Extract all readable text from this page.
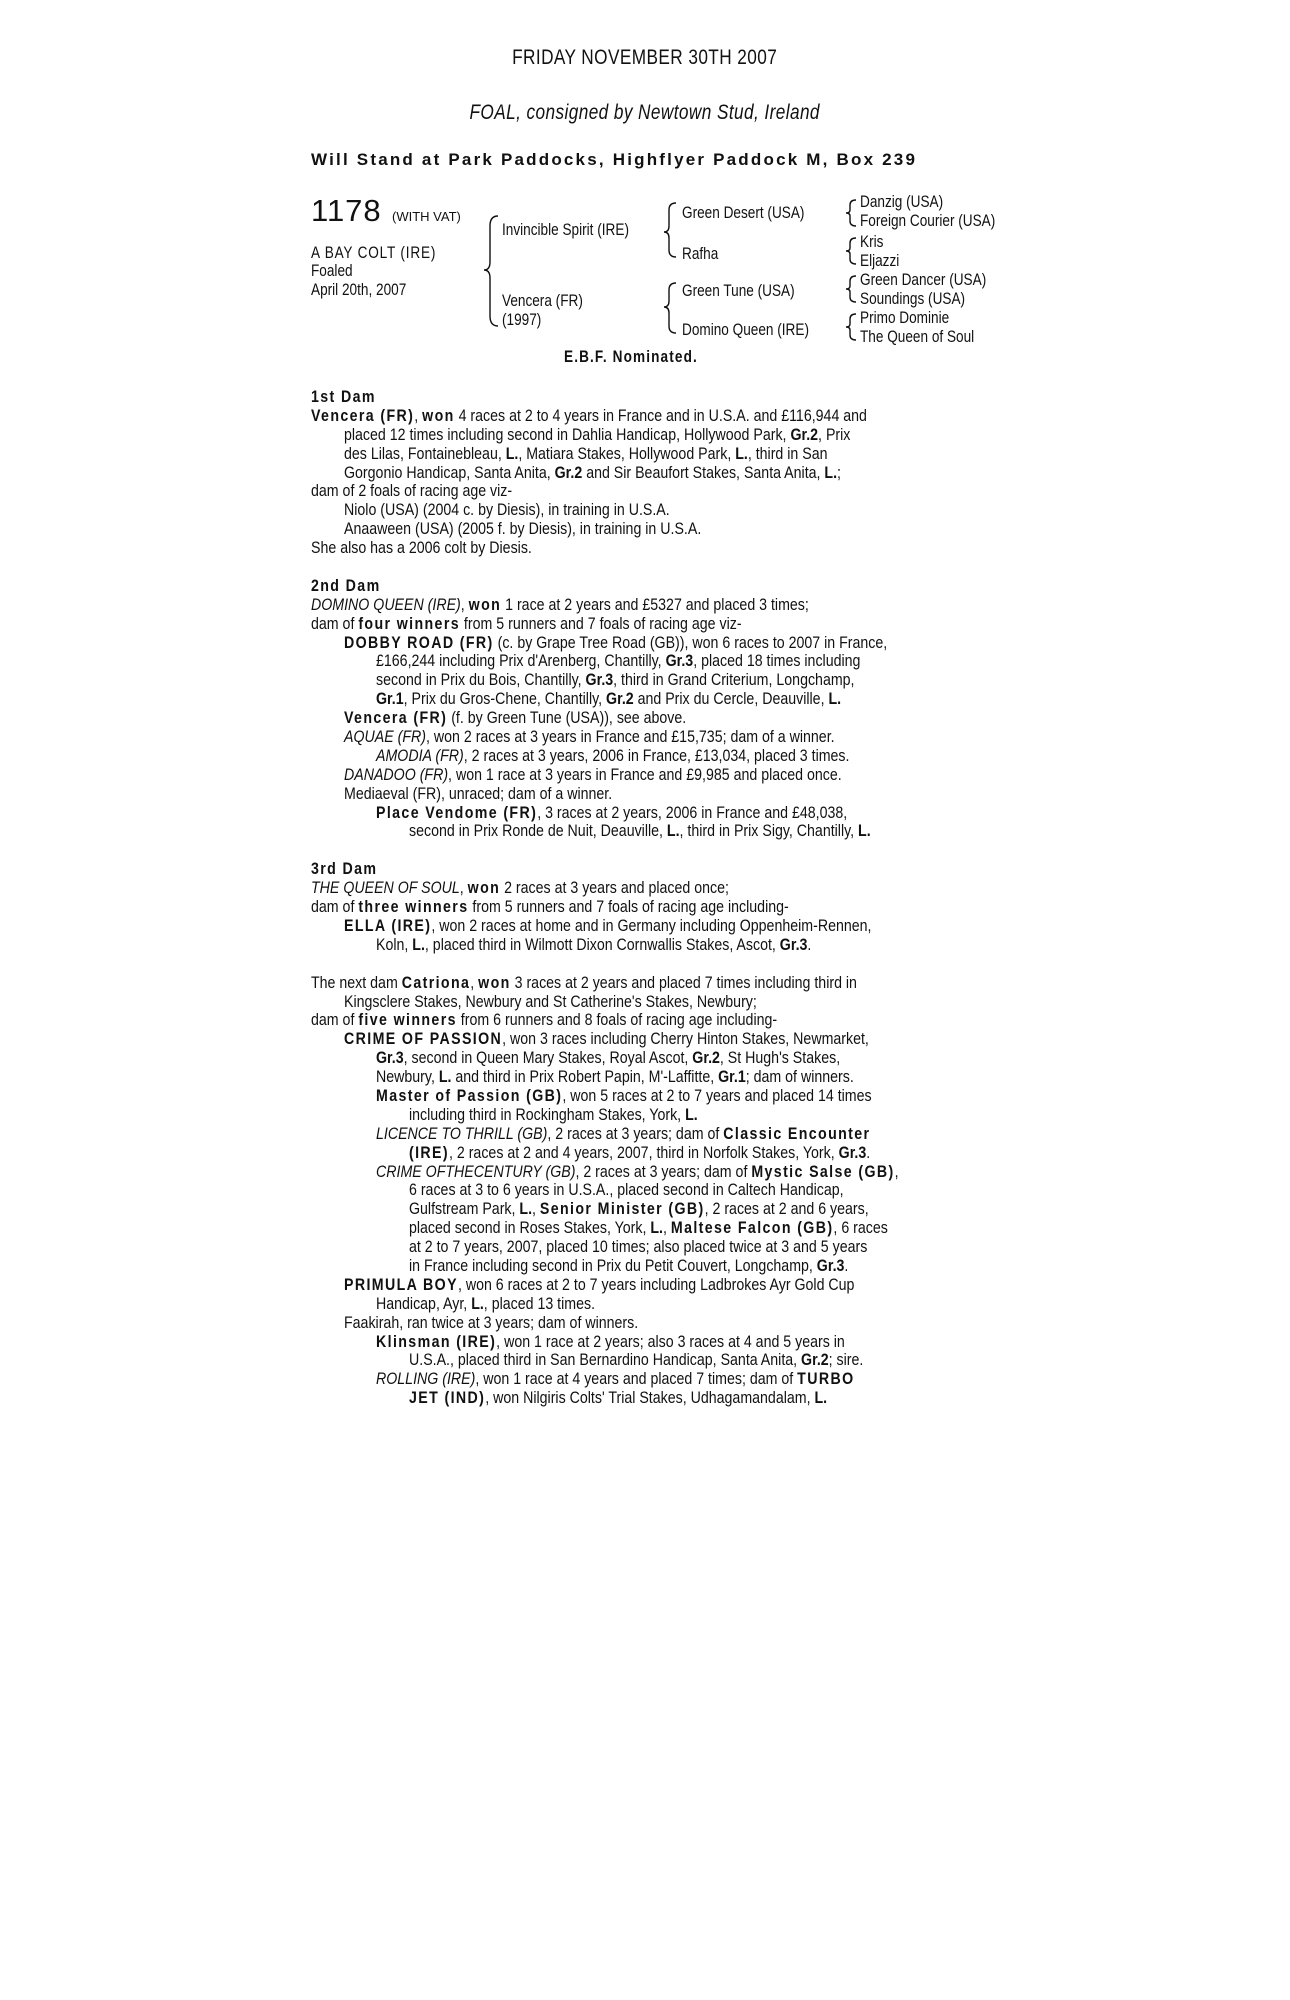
FRIDAY NOVEMBER 30TH 2007
FOAL, consigned by Newtown Stud, Ireland
Will Stand at Park Paddocks, Highflyer Paddock M, Box 239
1178 (WITH VAT)
A BAY COLT (IRE)
Foaled
April 20th, 2007
Invincible Spirit (IRE)
Vencera (FR)
(1997)
Green Desert (USA)
Rafha
Green Tune (USA)
Domino Queen (IRE)
Danzig (USA)
Foreign Courier (USA)
Kris
Eljazzi
Green Dancer (USA)
Soundings (USA)
Primo Dominie
The Queen of Soul
E.B.F. Nominated.
1st Dam
Vencera (FR), won 4 races at 2 to 4 years in France and in U.S.A. and £116,944 and
placed 12 times including second in Dahlia Handicap, Hollywood Park, Gr.2, Prix
des Lilas, Fontainebleau, L., Matiara Stakes, Hollywood Park, L., third in San
Gorgonio Handicap, Santa Anita, Gr.2 and Sir Beaufort Stakes, Santa Anita, L.;
dam of 2 foals of racing age viz-
Niolo (USA) (2004 c. by Diesis), in training in U.S.A.
Anaaween (USA) (2005 f. by Diesis), in training in U.S.A.
She also has a 2006 colt by Diesis.
2nd Dam
DOMINO QUEEN (IRE), won 1 race at 2 years and £5327 and placed 3 times;
dam of four winners from 5 runners and 7 foals of racing age viz-
DOBBY ROAD (FR) (c. by Grape Tree Road (GB)), won 6 races to 2007 in France,
£166,244 including Prix d'Arenberg, Chantilly, Gr.3, placed 18 times including
second in Prix du Bois, Chantilly, Gr.3, third in Grand Criterium, Longchamp,
Gr.1, Prix du Gros-Chene, Chantilly, Gr.2 and Prix du Cercle, Deauville, L.
Vencera (FR) (f. by Green Tune (USA)), see above.
AQUAE (FR), won 2 races at 3 years in France and £15,735; dam of a winner.
AMODIA (FR), 2 races at 3 years, 2006 in France, £13,034, placed 3 times.
DANADOO (FR), won 1 race at 3 years in France and £9,985 and placed once.
Mediaeval (FR), unraced; dam of a winner.
Place Vendome (FR), 3 races at 2 years, 2006 in France and £48,038,
second in Prix Ronde de Nuit, Deauville, L., third in Prix Sigy, Chantilly, L.
3rd Dam
THE QUEEN OF SOUL, won 2 races at 3 years and placed once;
dam of three winners from 5 runners and 7 foals of racing age including-
ELLA (IRE), won 2 races at home and in Germany including Oppenheim-Rennen,
Koln, L., placed third in Wilmott Dixon Cornwallis Stakes, Ascot, Gr.3.
The next dam Catriona, won 3 races at 2 years and placed 7 times including third in
Kingsclere Stakes, Newbury and St Catherine's Stakes, Newbury;
dam of five winners from 6 runners and 8 foals of racing age including-
CRIME OF PASSION, won 3 races including Cherry Hinton Stakes, Newmarket,
Gr.3, second in Queen Mary Stakes, Royal Ascot, Gr.2, St Hugh's Stakes,
Newbury, L. and third in Prix Robert Papin, M'-Laffitte, Gr.1; dam of winners.
Master of Passion (GB), won 5 races at 2 to 7 years and placed 14 times
including third in Rockingham Stakes, York, L.
LICENCE TO THRILL (GB), 2 races at 3 years; dam of Classic Encounter
(IRE), 2 races at 2 and 4 years, 2007, third in Norfolk Stakes, York, Gr.3.
CRIME OFTHECENTURY (GB), 2 races at 3 years; dam of Mystic Salse (GB),
6 races at 3 to 6 years in U.S.A., placed second in Caltech Handicap,
Gulfstream Park, L., Senior Minister (GB), 2 races at 2 and 6 years,
placed second in Roses Stakes, York, L., Maltese Falcon (GB), 6 races
at 2 to 7 years, 2007, placed 10 times; also placed twice at 3 and 5 years
in France including second in Prix du Petit Couvert, Longchamp, Gr.3.
PRIMULA BOY, won 6 races at 2 to 7 years including Ladbrokes Ayr Gold Cup
Handicap, Ayr, L., placed 13 times.
Faakirah, ran twice at 3 years; dam of winners.
Klinsman (IRE), won 1 race at 2 years; also 3 races at 4 and 5 years in
U.S.A., placed third in San Bernardino Handicap, Santa Anita, Gr.2; sire.
ROLLING (IRE), won 1 race at 4 years and placed 7 times; dam of TURBO
JET (IND), won Nilgiris Colts' Trial Stakes, Udhagamandalam, L.
